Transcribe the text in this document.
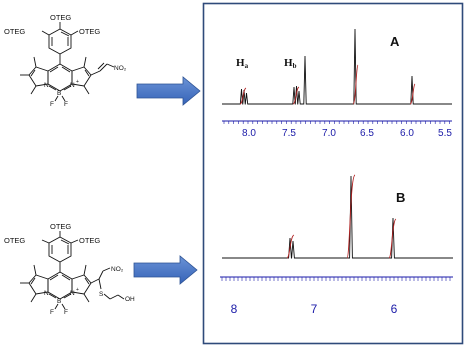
OTEG
OTEG	OTEG
NO₂
N	N +
B -
F F
OTEG
OTEG	OTEG
NO₂
S
OH
N	N +
B -
F F
A
Ha	Hb
8.0	7.5	7.0 6.5	6.0 5.5
B
8	7	6
